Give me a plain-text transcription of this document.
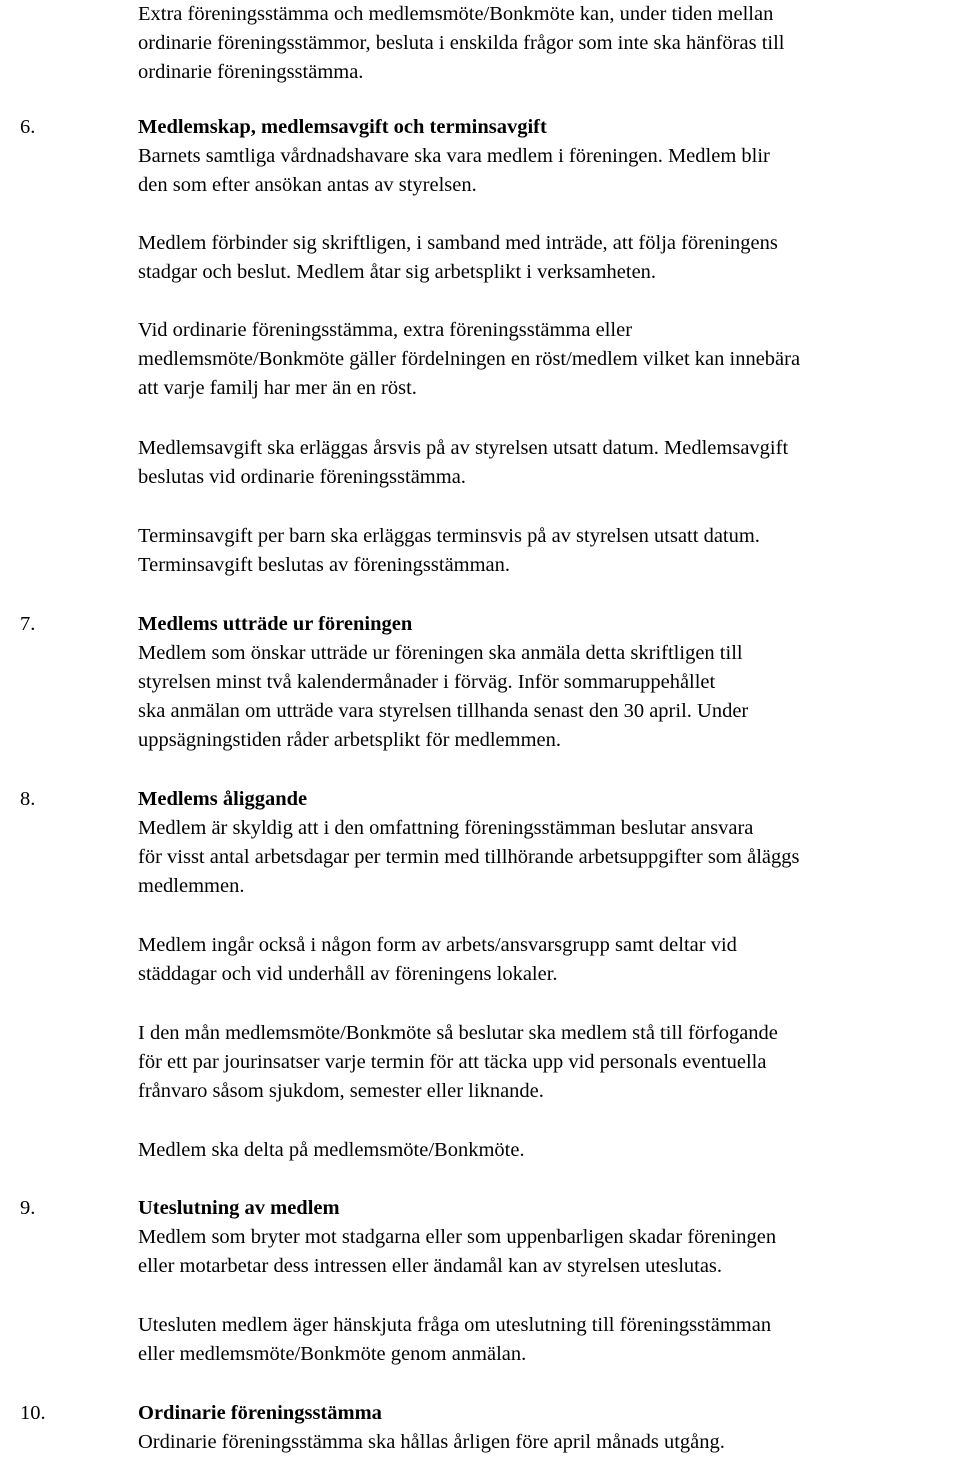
Extra föreningsstämma och medlemsmöte/Bonkmöte kan, under tiden mellan
ordinarie föreningsstämmor, besluta i enskilda frågor som inte ska hänföras till
ordinarie föreningsstämma.

6.	Medlemskap, medlemsavgift och terminsavgift

Barnets samtliga vårdnadshavare ska vara medlem i föreningen. Medlem blir
den som efter ansökan antas av styrelsen.

Medlem förbinder sig skriftligen, i samband med inträde, att följa föreningens
stadgar och beslut. Medlem åtar sig arbetsplikt i verksamheten.

Vid ordinarie föreningsstämma, extra föreningsstämma eller
medlemsmöte/Bonkmöte gäller fördelningen en röst/medlem vilket kan innebära
att varje familj har mer än en röst.

Medlemsavgift ska erläggas årsvis på av styrelsen utsatt datum. Medlemsavgift
beslutas vid ordinarie föreningsstämma.

Terminsavgift per barn ska erläggas terminsvis på av styrelsen utsatt datum.
Terminsavgift beslutas av föreningsstämman.

7.	Medlems utträde ur föreningen

Medlem som önskar utträde ur föreningen ska anmäla detta skriftligen till
styrelsen minst två kalendermånader i förväg. Inför sommaruppehållet
ska anmälan om utträde vara styrelsen tillhanda senast den 30 april. Under
uppsägningstiden råder arbetsplikt för medlemmen.

8.	Medlems åliggande

Medlem är skyldig att i den omfattning föreningsstämman beslutar ansvara
för visst antal arbetsdagar per termin med tillhörande arbetsuppgifter som åläggs
medlemmen.

Medlem ingår också i någon form av arbets/ansvarsgrupp samt deltar vid
städdagar och vid underhåll av föreningens lokaler.

I den mån medlemsmöte/Bonkmöte så beslutar ska medlem stå till förfogande
för ett par jourinsatser varje termin för att täcka upp vid personals eventuella
frånvaro såsom sjukdom, semester eller liknande.

Medlem ska delta på medlemsmöte/Bonkmöte.

9.	Uteslutning av medlem

Medlem som bryter mot stadgarna eller som uppenbarligen skadar föreningen
eller motarbetar dess intressen eller ändamål kan av styrelsen uteslutas.

Utesluten medlem äger hänskjuta fråga om uteslutning till föreningsstämman
eller medlemsmöte/Bonkmöte genom anmälan.

10.	Ordinarie föreningsstämma

Ordinarie föreningsstämma ska hållas årligen före april månads utgång.
